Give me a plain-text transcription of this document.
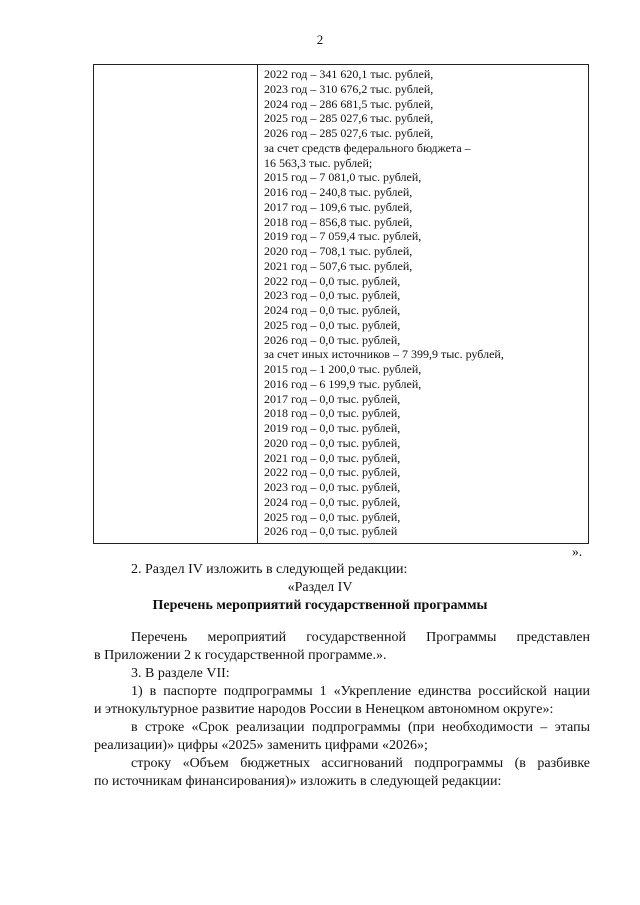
2

2022 год – 341 620,1 тыс. рублей,
2023 год – 310 676,2 тыс. рублей,
2024 год – 286 681,5 тыс. рублей,
2025 год – 285 027,6 тыс. рублей,
2026 год – 285 027,6 тыс. рублей,
за счет средств федерального бюджета –
16 563,3 тыс. рублей;
2015 год – 7 081,0 тыс. рублей,
2016 год – 240,8 тыс. рублей,
2017 год – 109,6 тыс. рублей,
2018 год – 856,8 тыс. рублей,
2019 год – 7 059,4 тыс. рублей,
2020 год – 708,1 тыс. рублей,
2021 год – 507,6 тыс. рублей,
2022 год – 0,0 тыс. рублей,
2023 год – 0,0 тыс. рублей,
2024 год – 0,0 тыс. рублей,
2025 год – 0,0 тыс. рублей,
2026 год – 0,0 тыс. рублей,
за счет иных источников – 7 399,9 тыс. рублей,
2015 год – 1 200,0 тыс. рублей,
2016 год – 6 199,9 тыс. рублей,
2017 год – 0,0 тыс. рублей,
2018 год – 0,0 тыс. рублей,
2019 год – 0,0 тыс. рублей,
2020 год – 0,0 тыс. рублей,
2021 год – 0,0 тыс. рублей,
2022 год – 0,0 тыс. рублей,
2023 год – 0,0 тыс. рублей,
2024 год – 0,0 тыс. рублей,
2025 год – 0,0 тыс. рублей,
2026 год – 0,0 тыс. рублей
».
2. Раздел IV изложить в следующей редакции:
«Раздел IV
Перечень мероприятий государственной программы
Перечень мероприятий государственной Программы представлен
в Приложении 2 к государственной программе.».
3. В разделе VII:
1) в паспорте подпрограммы 1 «Укрепление единства российской нации
и этнокультурное развитие народов России в Ненецком автономном округе»:
в строке «Срок реализации подпрограммы (при необходимости – этапы
реализации)» цифры «2025» заменить цифрами «2026»;
строку «Объем бюджетных ассигнований подпрограммы (в разбивке
по источникам финансирования)» изложить в следующей редакции:
